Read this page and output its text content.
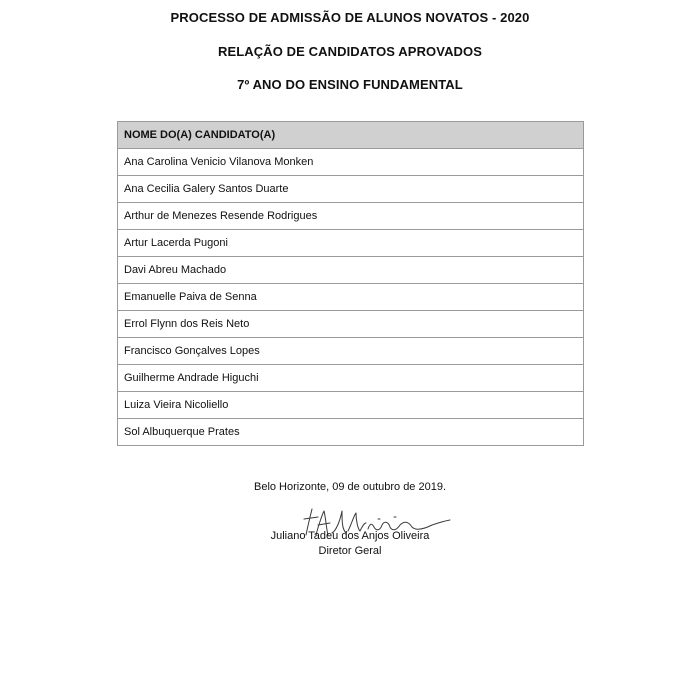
PROCESSO DE ADMISSÃO DE ALUNOS NOVATOS - 2020
RELAÇÃO DE CANDIDATOS APROVADOS
7º ANO DO ENSINO FUNDAMENTAL
NOME DO(A) CANDIDATO(A)
Ana Carolina Venicio Vilanova Monken
Ana Cecilia Galery Santos Duarte
Arthur de Menezes Resende Rodrigues
Artur Lacerda Pugoni
Davi Abreu Machado
Emanuelle Paiva de Senna
Errol Flynn dos Reis Neto
Francisco Gonçalves Lopes
Guilherme Andrade Higuchi
Luiza Vieira Nicoliello
Sol Albuquerque Prates
Belo Horizonte, 09 de outubro de 2019.
Juliano Tadeu dos Anjos Oliveira
Diretor Geral
